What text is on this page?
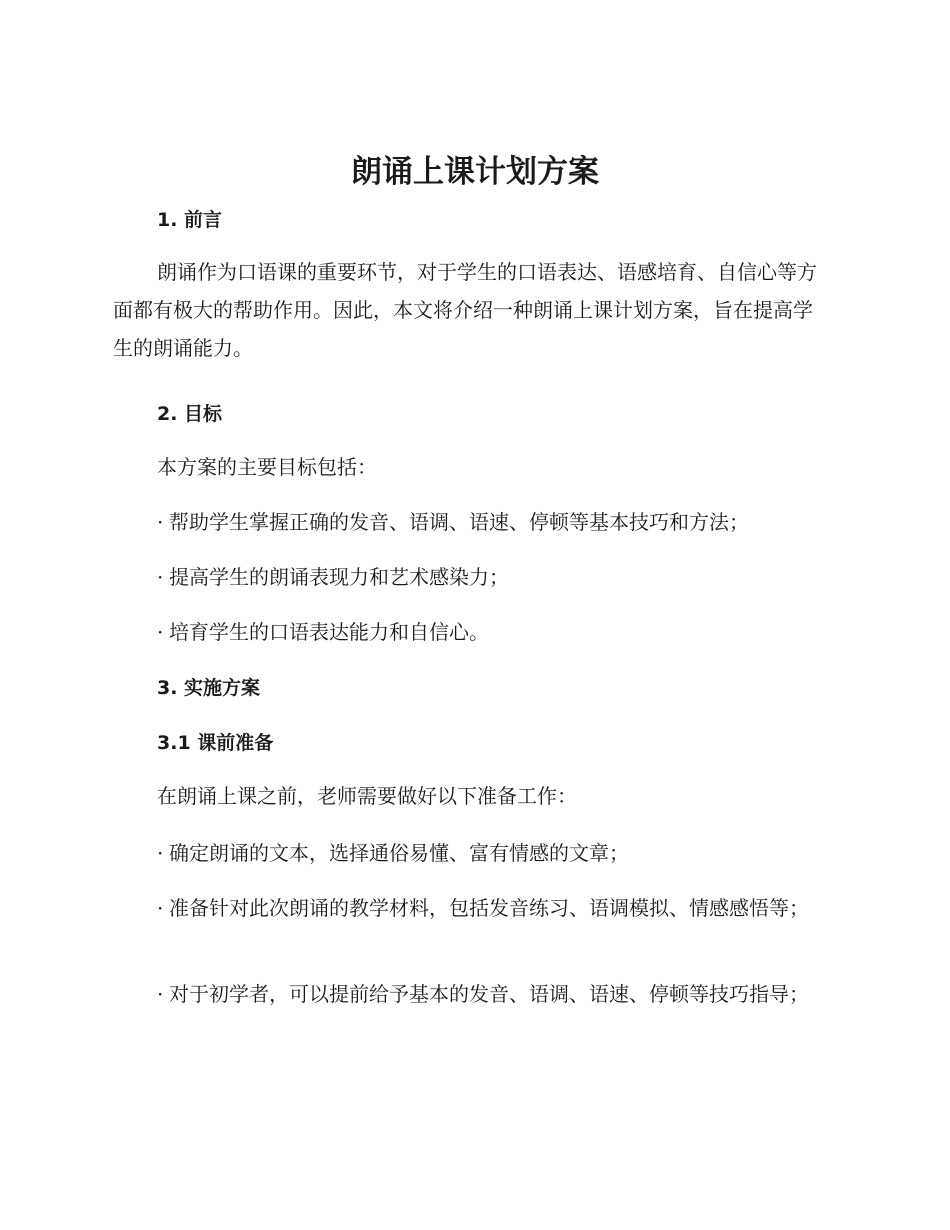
朗诵上课计划方案
1. 前言

朗诵作为口语课的重要环节，对于学生的口语表达、语感培育、自信心等方面都有极大的帮助作用。因此，本文将介绍一种朗诵上课计划方案，旨在提高学生的朗诵能力。

2. 目标

本方案的主要目标包括：

· 帮助学生掌握正确的发音、语调、语速、停顿等基本技巧和方法；

· 提高学生的朗诵表现力和艺术感染力；

· 培育学生的口语表达能力和自信心。

3. 实施方案
3.1 课前准备

在朗诵上课之前，老师需要做好以下准备工作：

· 确定朗诵的文本，选择通俗易懂、富有情感的文章；

· 准备针对此次朗诵的教学材料，包括发音练习、语调模拟、情感感悟等；

· 对于初学者，可以提前给予基本的发音、语调、语速、停顿等技巧指导；
